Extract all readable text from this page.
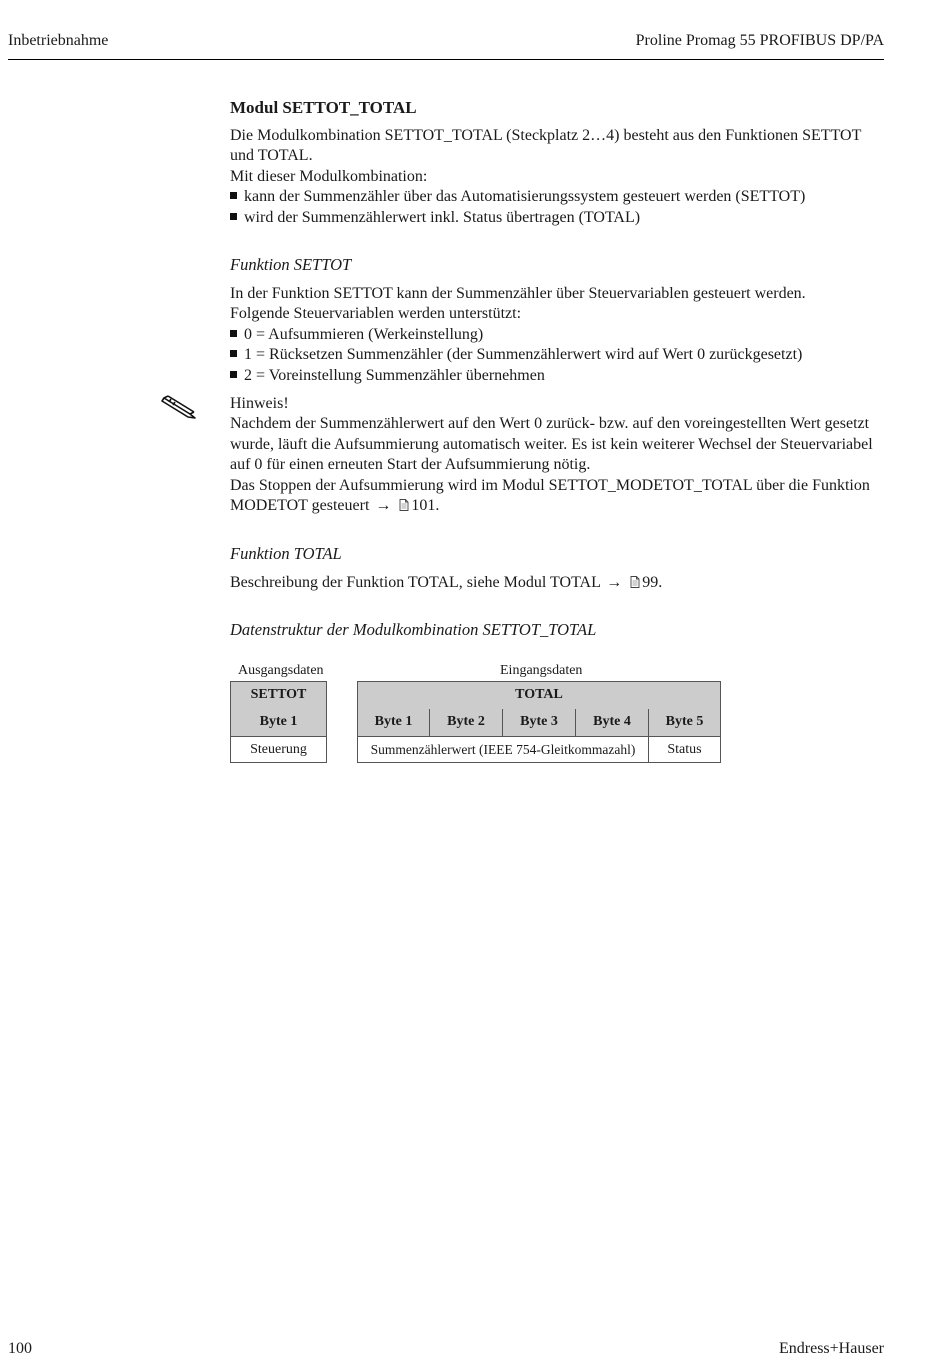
Inbetriebnahme	Proline Promag 55 PROFIBUS DP/PA
Modul SETTOT_TOTAL

Die Modulkombination SETTOT_TOTAL (Steckplatz 2…4) besteht aus den Funktionen SETTOT und TOTAL.

Mit dieser Modulkombination:

kann der Summenzähler über das Automatisierungssystem gesteuert werden (SETTOT)
wird der Summenzählerwert inkl. Status übertragen (TOTAL)
Funktion SETTOT

In der Funktion SETTOT kann der Summenzähler über Steuervariablen gesteuert werden.

Folgende Steuervariablen werden unterstützt:

0 = Aufsummieren (Werkeinstellung)
1 = Rücksetzen Summenzähler (der Summenzählerwert wird auf Wert 0 zurückgesetzt)
2 = Voreinstellung Summenzähler übernehmen

Hinweis!

Nachdem der Summenzählerwert auf den Wert 0 zurück- bzw. auf den voreingestellten Wert gesetzt wurde, läuft die Aufsummierung automatisch weiter. Es ist kein weiterer Wechsel der Steuervariabel auf 0 für einen erneuten Start der Aufsummierung nötig.

Das Stoppen der Aufsummierung wird im Modul SETTOT_MODETOT_TOTAL über die Funktion MODETOT gesteuert → 101.

Funktion TOTAL

Beschreibung der Funktion TOTAL, siehe Modul TOTAL → 99.

Datenstruktur der Modulkombination SETTOT_TOTAL
Ausgangsdaten	Eingangsdaten
SETTOT
Byte 1
Steuerung
TOTAL
Byte 1	Byte 2	Byte 3	Byte 4	Byte 5
Summenzählerwert (IEEE 754-Gleitkommazahl)	Status
100	Endress+Hauser
